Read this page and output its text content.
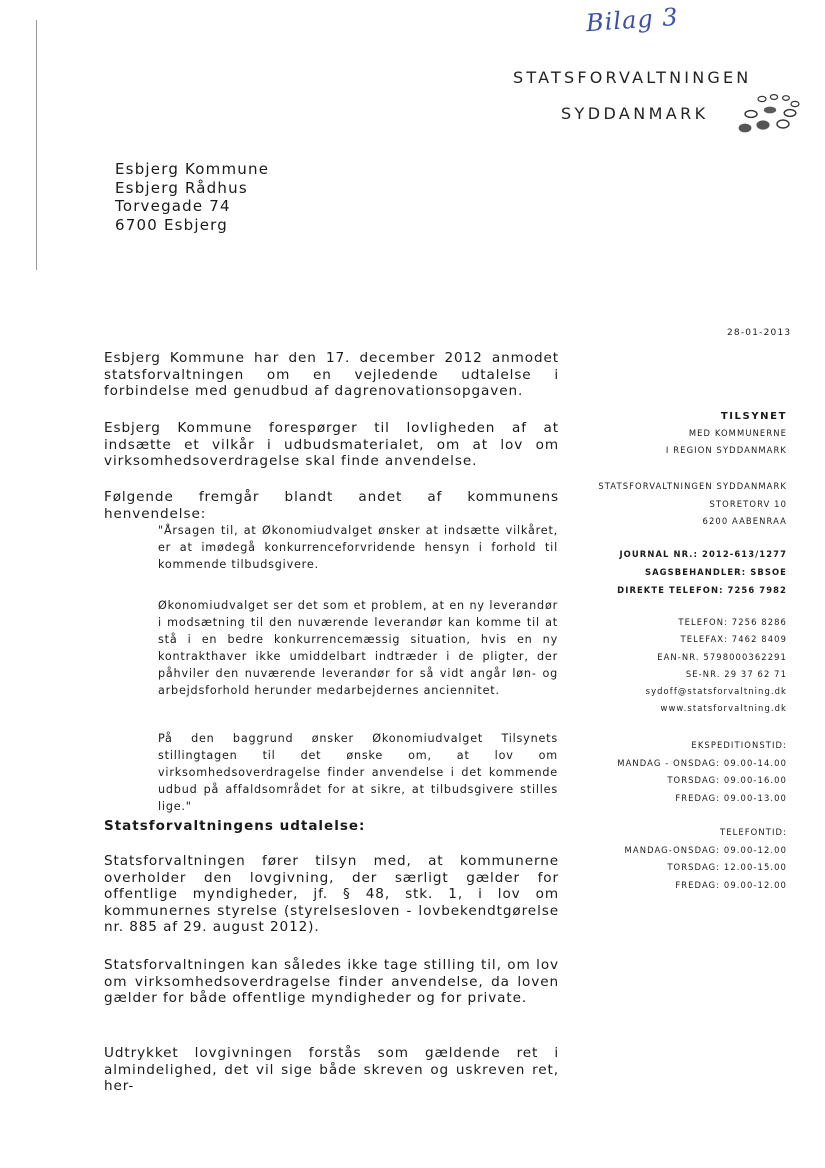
Bilag 3
STATSFORVALTNINGEN
SYDDANMARK
Esbjerg Kommune
Esbjerg Rådhus
Torvegade 74
6700 Esbjerg
28-01-2013
TILSYNET
MED KOMMUNERNE
I REGION SYDDANMARK
STATSFORVALTNINGEN SYDDANMARK
STORETORV 10
6200 AABENRAA
JOURNAL NR.: 2012-613/1277
SAGSBEHANDLER: SBSOE
DIREKTE TELEFON: 7256 7982
TELEFON: 7256 8286
TELEFAX: 7462 8409
EAN-NR. 5798000362291
SE-NR. 29 37 62 71
sydoff@statsforvaltning.dk
www.statsforvaltning.dk
EKSPEDITIONSTID:
MANDAG - ONSDAG: 09.00-14.00
TORSDAG: 09.00-16.00
FREDAG: 09.00-13.00
TELEFONTID:
MANDAG-ONSDAG: 09.00-12.00
TORSDAG: 12.00-15.00
FREDAG: 09.00-12.00

Esbjerg Kommune har den 17. december 2012 anmodet statsforvaltningen om en vejledende udtalelse i forbindelse med genudbud af dagrenovationsopgaven.

Esbjerg Kommune forespørger til lovligheden af at indsætte et vilkår i udbudsmaterialet, om at lov om virksomhedsoverdragelse skal finde anvendelse.

Følgende fremgår blandt andet af kommunens henvendelse:

"Årsagen til, at Økonomiudvalget ønsker at indsætte vilkåret, er at imødegå konkurrenceforvridende hensyn i forhold til kommende tilbudsgivere.

Økonomiudvalget ser det som et problem, at en ny leverandør i modsætning til den nuværende leverandør kan komme til at stå i en bedre konkurrencemæssig situation, hvis en ny kontrakthaver ikke umiddelbart indtræder i de pligter, der påhviler den nuværende leverandør for så vidt angår løn- og arbejdsforhold herunder medarbejdernes anciennitet.

På den baggrund ønsker Økonomiudvalget Tilsynets stillingtagen til det ønske om, at lov om virksomhedsoverdragelse finder anvendelse i det kommende udbud på affaldsområdet for at sikre, at tilbudsgivere stilles lige."

Statsforvaltningens udtalelse:

Statsforvaltningen fører tilsyn med, at kommunerne overholder den lovgivning, der særligt gælder for offentlige myndigheder, jf. § 48, stk. 1, i lov om kommunernes styrelse (styrelsesloven - lovbekendtgørelse nr. 885 af 29. august 2012).

Statsforvaltningen kan således ikke tage stilling til, om lov om virksomhedsoverdragelse finder anvendelse, da loven gælder for både offentlige myndigheder og for private.

Udtrykket lovgivningen forstås som gældende ret i almindelighed, det vil sige både skreven og uskreven ret, her-
